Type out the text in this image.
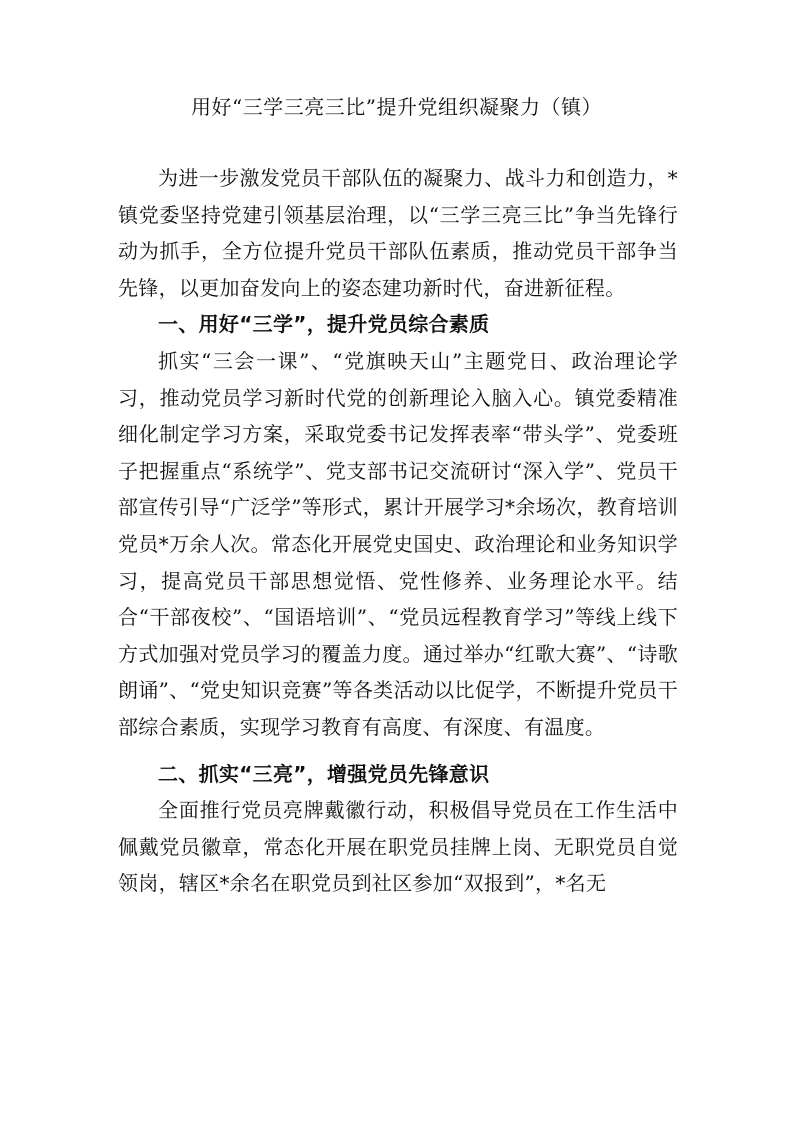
用好“三学三亮三比”提升党组织凝聚力（镇）

为进一步激发党员干部队伍的凝聚力、战斗力和创造力，*镇党委坚持党建引领基层治理，以“三学三亮三比”争当先锋行动为抓手，全方位提升党员干部队伍素质，推动党员干部争当先锋，以更加奋发向上的姿态建功新时代，奋进新征程。

一、用好“三学”，提升党员综合素质

抓实“三会一课”、“党旗映天山”主题党日、政治理论学习，推动党员学习新时代党的创新理论入脑入心。镇党委精准细化制定学习方案，采取党委书记发挥表率“带头学”、党委班子把握重点“系统学”、党支部书记交流研讨“深入学”、党员干部宣传引导“广泛学”等形式，累计开展学习*余场次，教育培训党员*万余人次。常态化开展党史国史、政治理论和业务知识学习，提高党员干部思想觉悟、党性修养、业务理论水平。结合“干部夜校”、“国语培训”、“党员远程教育学习”等线上线下方式加强对党员学习的覆盖力度。通过举办“红歌大赛”、“诗歌朗诵”、“党史知识竞赛”等各类活动以比促学，不断提升党员干部综合素质，实现学习教育有高度、有深度、有温度。

二、抓实“三亮”，增强党员先锋意识

全面推行党员亮牌戴徽行动，积极倡导党员在工作生活中佩戴党员徽章，常态化开展在职党员挂牌上岗、无职党员自觉领岗，辖区*余名在职党员到社区参加“双报到”，*名无
